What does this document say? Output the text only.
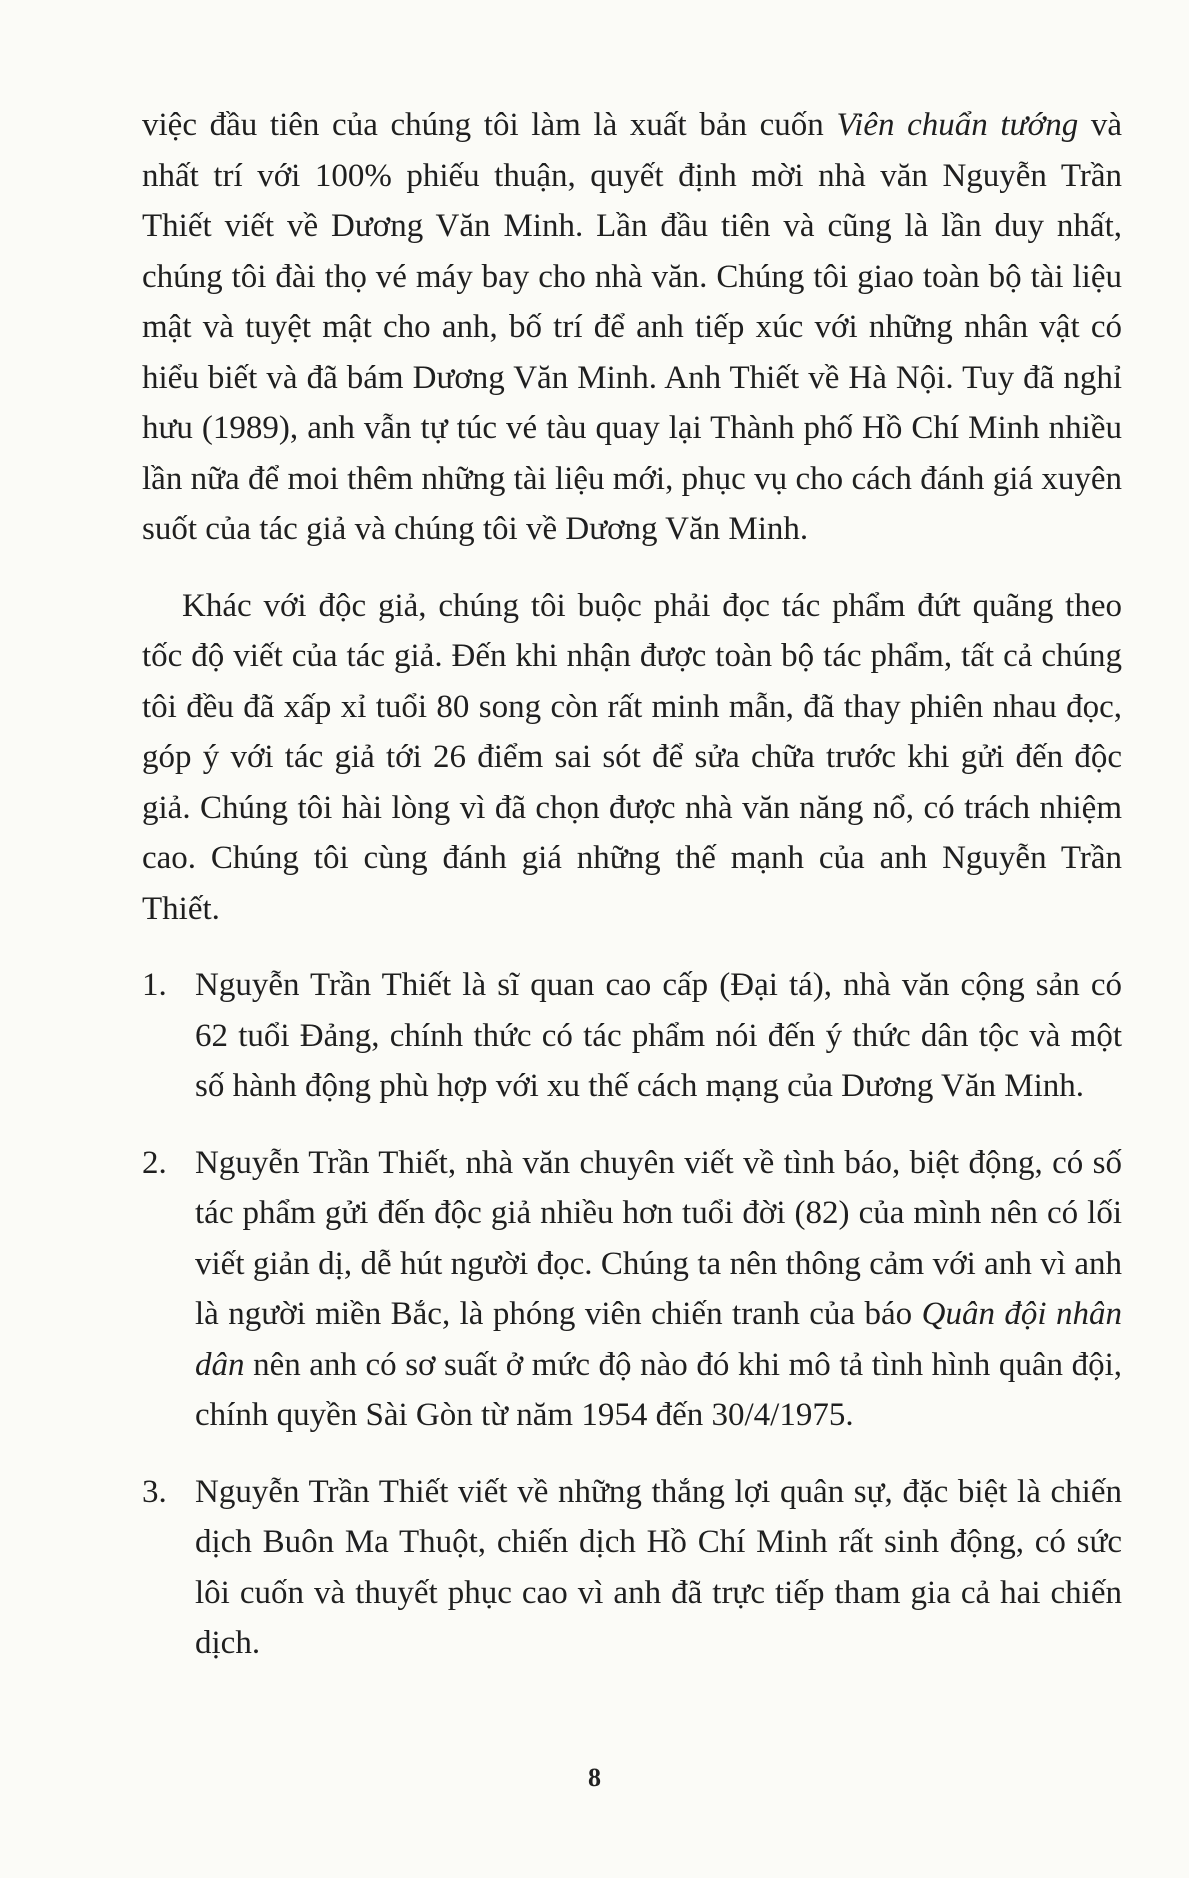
việc đầu tiên của chúng tôi làm là xuất bản cuốn Viên chuẩn tướng và nhất trí với 100% phiếu thuận, quyết định mời nhà văn Nguyễn Trần Thiết viết về Dương Văn Minh. Lần đầu tiên và cũng là lần duy nhất, chúng tôi đài thọ vé máy bay cho nhà văn. Chúng tôi giao toàn bộ tài liệu mật và tuyệt mật cho anh, bố trí để anh tiếp xúc với những nhân vật có hiểu biết và đã bám Dương Văn Minh. Anh Thiết về Hà Nội. Tuy đã nghỉ hưu (1989), anh vẫn tự túc vé tàu quay lại Thành phố Hồ Chí Minh nhiều lần nữa để moi thêm những tài liệu mới, phục vụ cho cách đánh giá xuyên suốt của tác giả và chúng tôi về Dương Văn Minh.

Khác với độc giả, chúng tôi buộc phải đọc tác phẩm đứt quãng theo tốc độ viết của tác giả. Đến khi nhận được toàn bộ tác phẩm, tất cả chúng tôi đều đã xấp xỉ tuổi 80 song còn rất minh mẫn, đã thay phiên nhau đọc, góp ý với tác giả tới 26 điểm sai sót để sửa chữa trước khi gửi đến độc giả. Chúng tôi hài lòng vì đã chọn được nhà văn năng nổ, có trách nhiệm cao. Chúng tôi cùng đánh giá những thế mạnh của anh Nguyễn Trần Thiết.

1. Nguyễn Trần Thiết là sĩ quan cao cấp (Đại tá), nhà văn cộng sản có 62 tuổi Đảng, chính thức có tác phẩm nói đến ý thức dân tộc và một số hành động phù hợp với xu thế cách mạng của Dương Văn Minh.
2. Nguyễn Trần Thiết, nhà văn chuyên viết về tình báo, biệt động, có số tác phẩm gửi đến độc giả nhiều hơn tuổi đời (82) của mình nên có lối viết giản dị, dễ hút người đọc. Chúng ta nên thông cảm với anh vì anh là người miền Bắc, là phóng viên chiến tranh của báo Quân đội nhân dân nên anh có sơ suất ở mức độ nào đó khi mô tả tình hình quân đội, chính quyền Sài Gòn từ năm 1954 đến 30/4/1975.
3. Nguyễn Trần Thiết viết về những thắng lợi quân sự, đặc biệt là chiến dịch Buôn Ma Thuột, chiến dịch Hồ Chí Minh rất sinh động, có sức lôi cuốn và thuyết phục cao vì anh đã trực tiếp tham gia cả hai chiến dịch.
8
